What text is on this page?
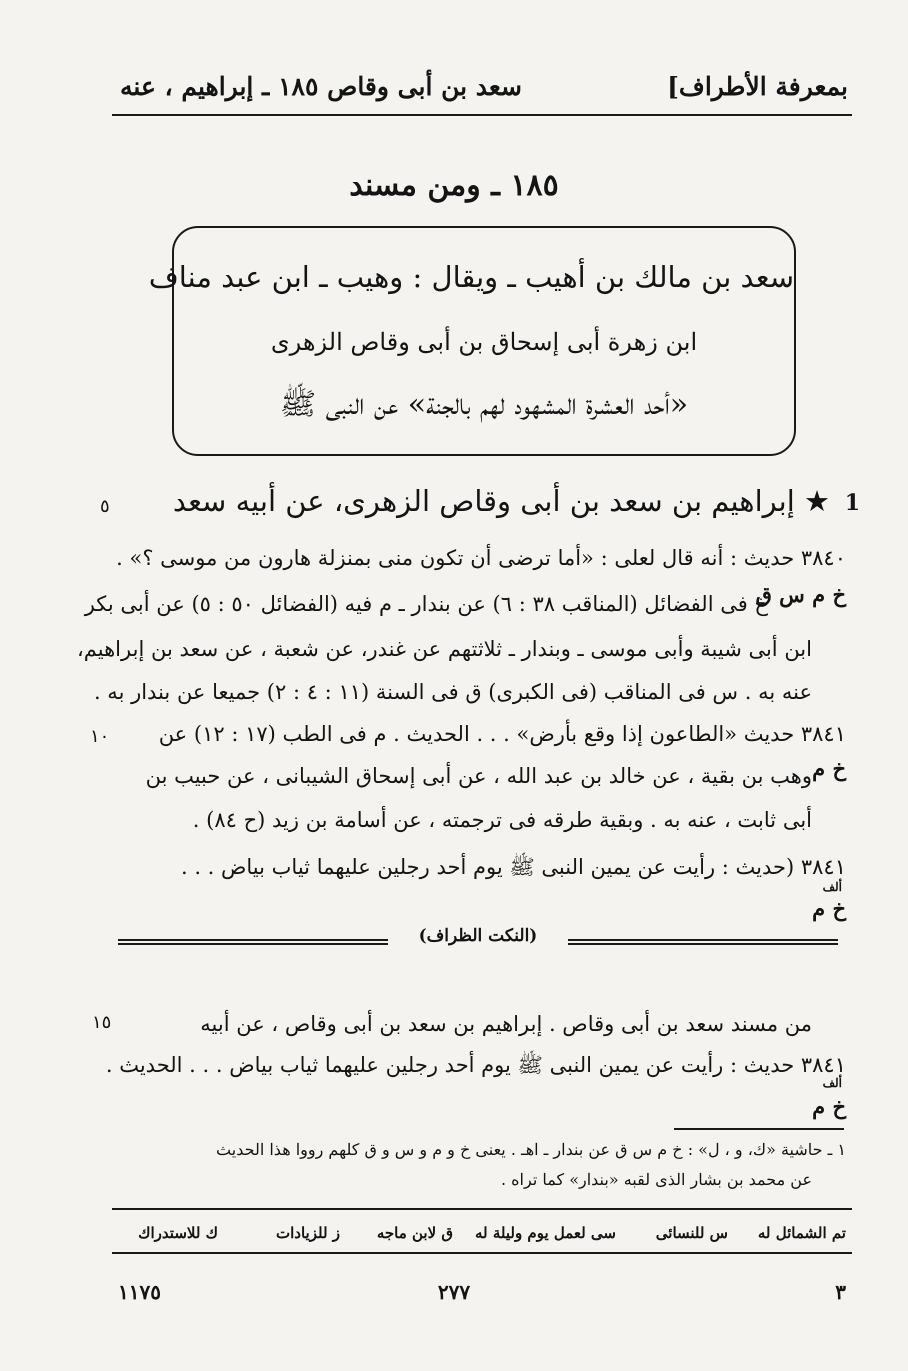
بمعرفة الأطراف]
سعد بن أبى وقاص ١٨٥ ـ إبراهيم ، عنه
١٨٥ ـ ومن مسند
سعد بن مالك بن أهيب ـ ويقال : وهيب ـ ابن عبد مناف
ابن زهرة أبى إسحاق بن أبى وقاص الزهرى
«أحد العشرة المشهود لهم بالجنة» عن النبى ﷺ
1
★ إبراهيم بن سعد بن أبى وقاص الزهرى، عن أبيه سعد
٥
٣٨٤٠ حديث : أنه قال لعلى : «أما ترضى أن تكون منى بمنزلة هارون من موسى ؟» .
خ م س ق
خ فى الفضائل (المناقب ٣٨ : ٦) عن بندار ـ م فيه (الفضائل ٥٠ : ٥) عن أبى بكر
ابن أبى شيبة وأبى موسى ـ وبندار ـ ثلاثتهم عن غندر، عن شعبة ، عن سعد بن إبراهيم،
عنه به . س فى المناقب (فى الكبرى) ق فى السنة (١١ : ٤ : ٢) جميعا عن بندار به .
٣٨٤١ حديث «الطاعون إذا وقع بأرض» . . . الحديث . م فى الطب (١٧ : ١٢) عن
١٠
خ م
وهب بن بقية ، عن خالد بن عبد الله ، عن أبى إسحاق الشيبانى ، عن حبيب بن
أبى ثابت ، عنه به . وبقية طرقه فى ترجمته ، عن أسامة بن زيد (ح ٨٤) .
٣٨٤١ (حديث : رأيت عن يمين النبى ﷺ يوم أحد رجلين عليهما ثياب بياض . . .
ألف
خ م
(النكت الظراف)
من مسند سعد بن أبى وقاص . إبراهيم بن سعد بن أبى وقاص ، عن أبيه
١٥
٣٨٤١ حديث : رأيت عن يمين النبى ﷺ يوم أحد رجلين عليهما ثياب بياض . . . الحديث .
ألف
خ م
١ ـ حاشية «ك، و ، ل» : خ م س ق عن بندار ـ اهـ . يعنى خ و م و س و ق كلهم رووا هذا الحديث
عن محمد بن بشار الذى لقبه «بندار» كما تراه .
تم الشمائل له
س للنسائى
سى لعمل يوم وليلة له
ق لابن ماجه
ز للزيادات
ك للاستدراك
٣
٢٧٧
١١٧٥
